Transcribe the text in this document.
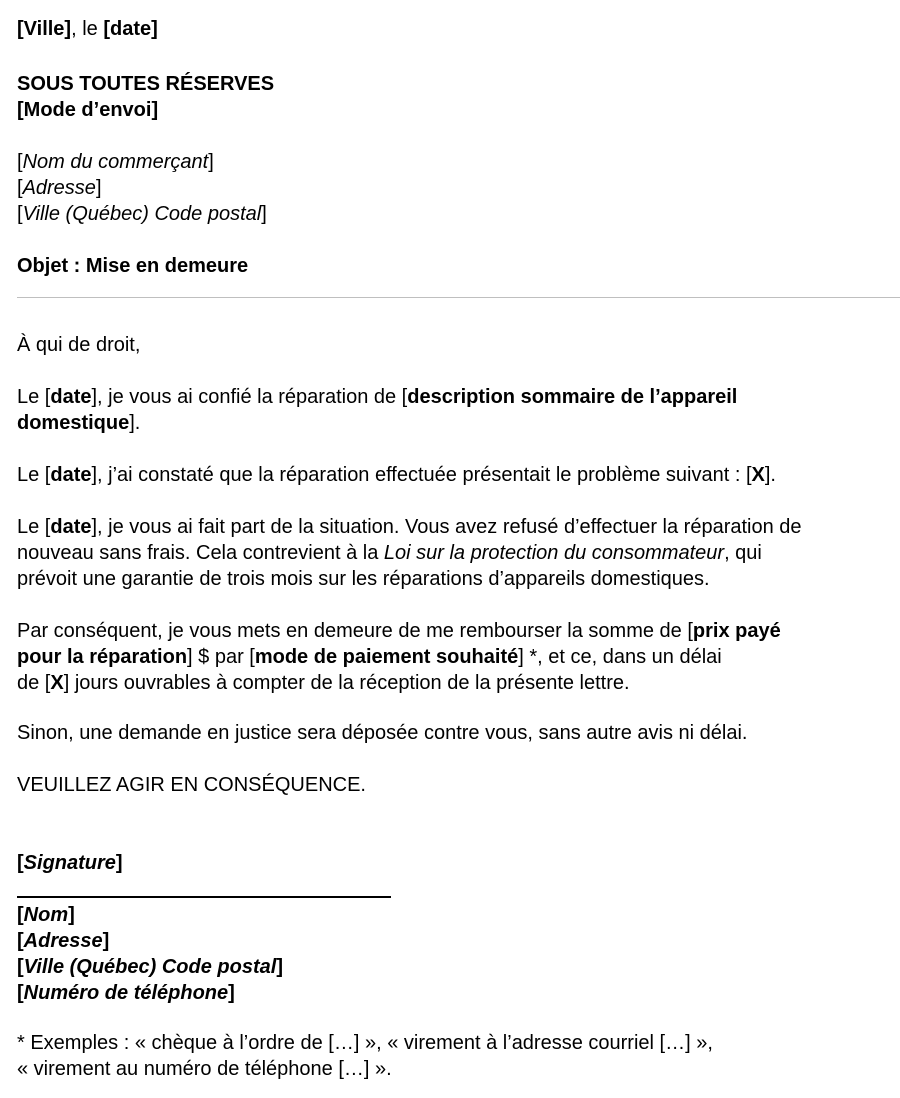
[Ville], le [date]
SOUS TOUTES RÉSERVES
[Mode d’envoi]
[Nom du commerçant]
[Adresse]
[Ville (Québec) Code postal]
Objet : Mise en demeure
À qui de droit,
Le [date], je vous ai confié la réparation de [description sommaire de l’appareil
domestique].
Le [date], j’ai constaté que la réparation effectuée présentait le problème suivant : [X].
Le [date], je vous ai fait part de la situation. Vous avez refusé d’effectuer la réparation de
nouveau sans frais. Cela contrevient à la Loi sur la protection du consommateur, qui
prévoit une garantie de trois mois sur les réparations d’appareils domestiques.
Par conséquent, je vous mets en demeure de me rembourser la somme de [prix payé
pour la réparation] $ par [mode de paiement souhaité] *, et ce, dans un délai
de [X] jours ouvrables à compter de la réception de la présente lettre.
Sinon, une demande en justice sera déposée contre vous, sans autre avis ni délai.
VEUILLEZ AGIR EN CONSÉQUENCE.
[Signature]
[Nom]
[Adresse]
[Ville (Québec) Code postal]
[Numéro de téléphone]
* Exemples : « chèque à l’ordre de […] », « virement à l’adresse courriel […] »,
« virement au numéro de téléphone […] ».
